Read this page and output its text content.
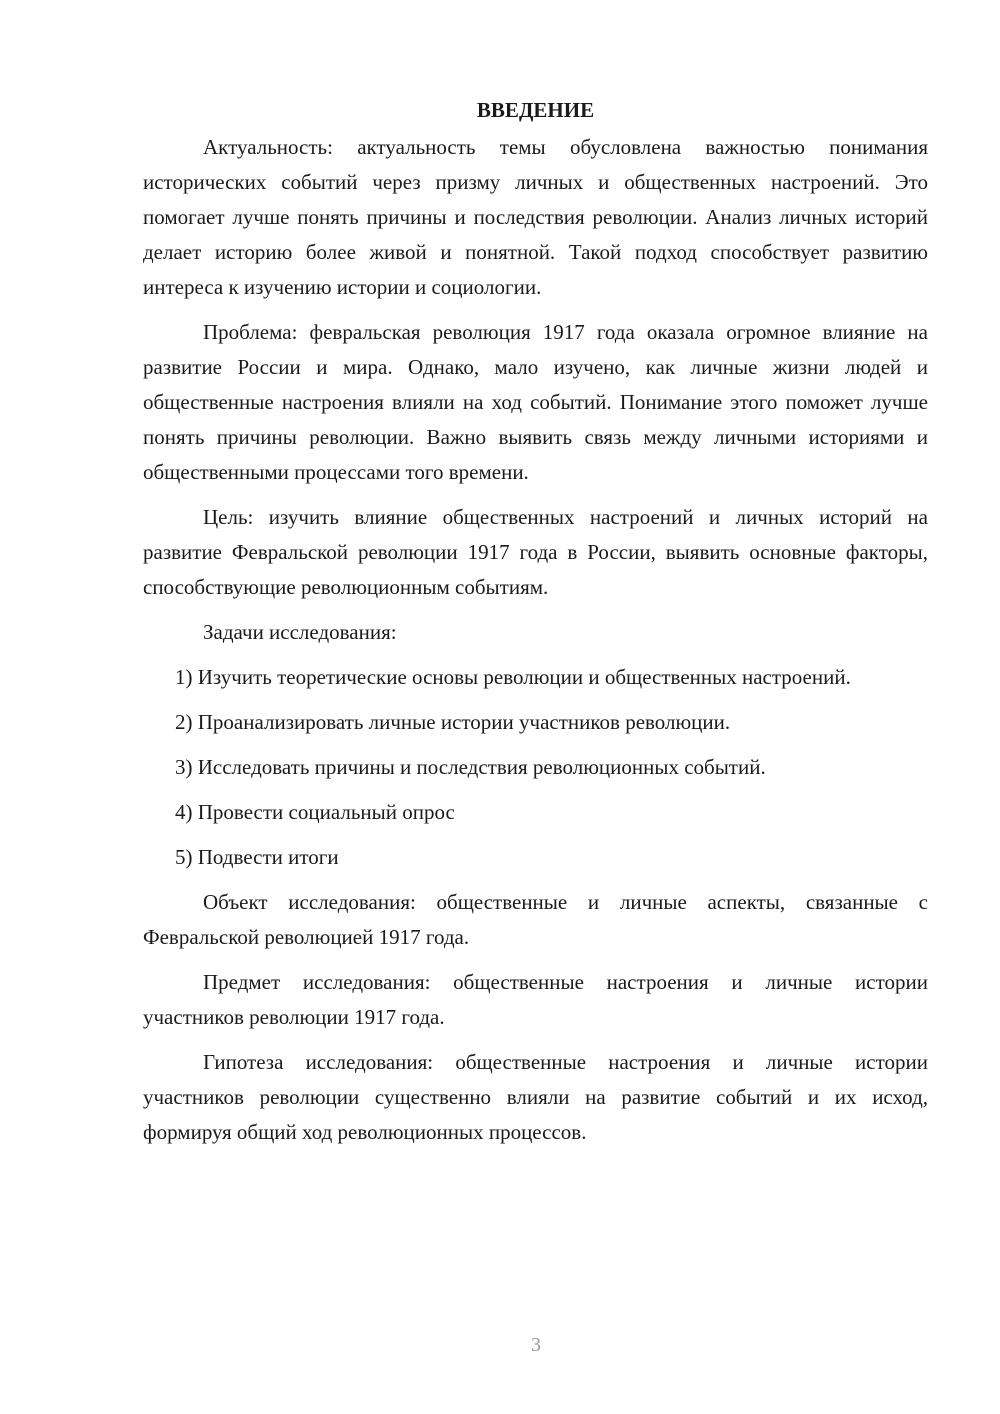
ВВЕДЕНИЕ

Актуальность: актуальность темы обусловлена важностью понимания исторических событий через призму личных и общественных настроений. Это помогает лучше понять причины и последствия революции. Анализ личных историй делает историю более живой и понятной. Такой подход способствует развитию интереса к изучению истории и социологии.

Проблема: февральская революция 1917 года оказала огромное влияние на развитие России и мира. Однако, мало изучено, как личные жизни людей и общественные настроения влияли на ход событий. Понимание этого поможет лучше понять причины революции. Важно выявить связь между личными историями и общественными процессами того времени.

Цель: изучить влияние общественных настроений и личных историй на развитие Февральской революции 1917 года в России, выявить основные факторы, способствующие революционным событиям.

Задачи исследования:

1) Изучить теоретические основы революции и общественных настроений.

2) Проанализировать личные истории участников революции.

3) Исследовать причины и последствия революционных событий.

4) Провести социальный опрос

5) Подвести итоги

Объект исследования: общественные и личные аспекты, связанные с Февральской революцией 1917 года.

Предмет исследования: общественные настроения и личные истории участников революции 1917 года.

Гипотеза исследования: общественные настроения и личные истории участников революции существенно влияли на развитие событий и их исход, формируя общий ход революционных процессов.

3
